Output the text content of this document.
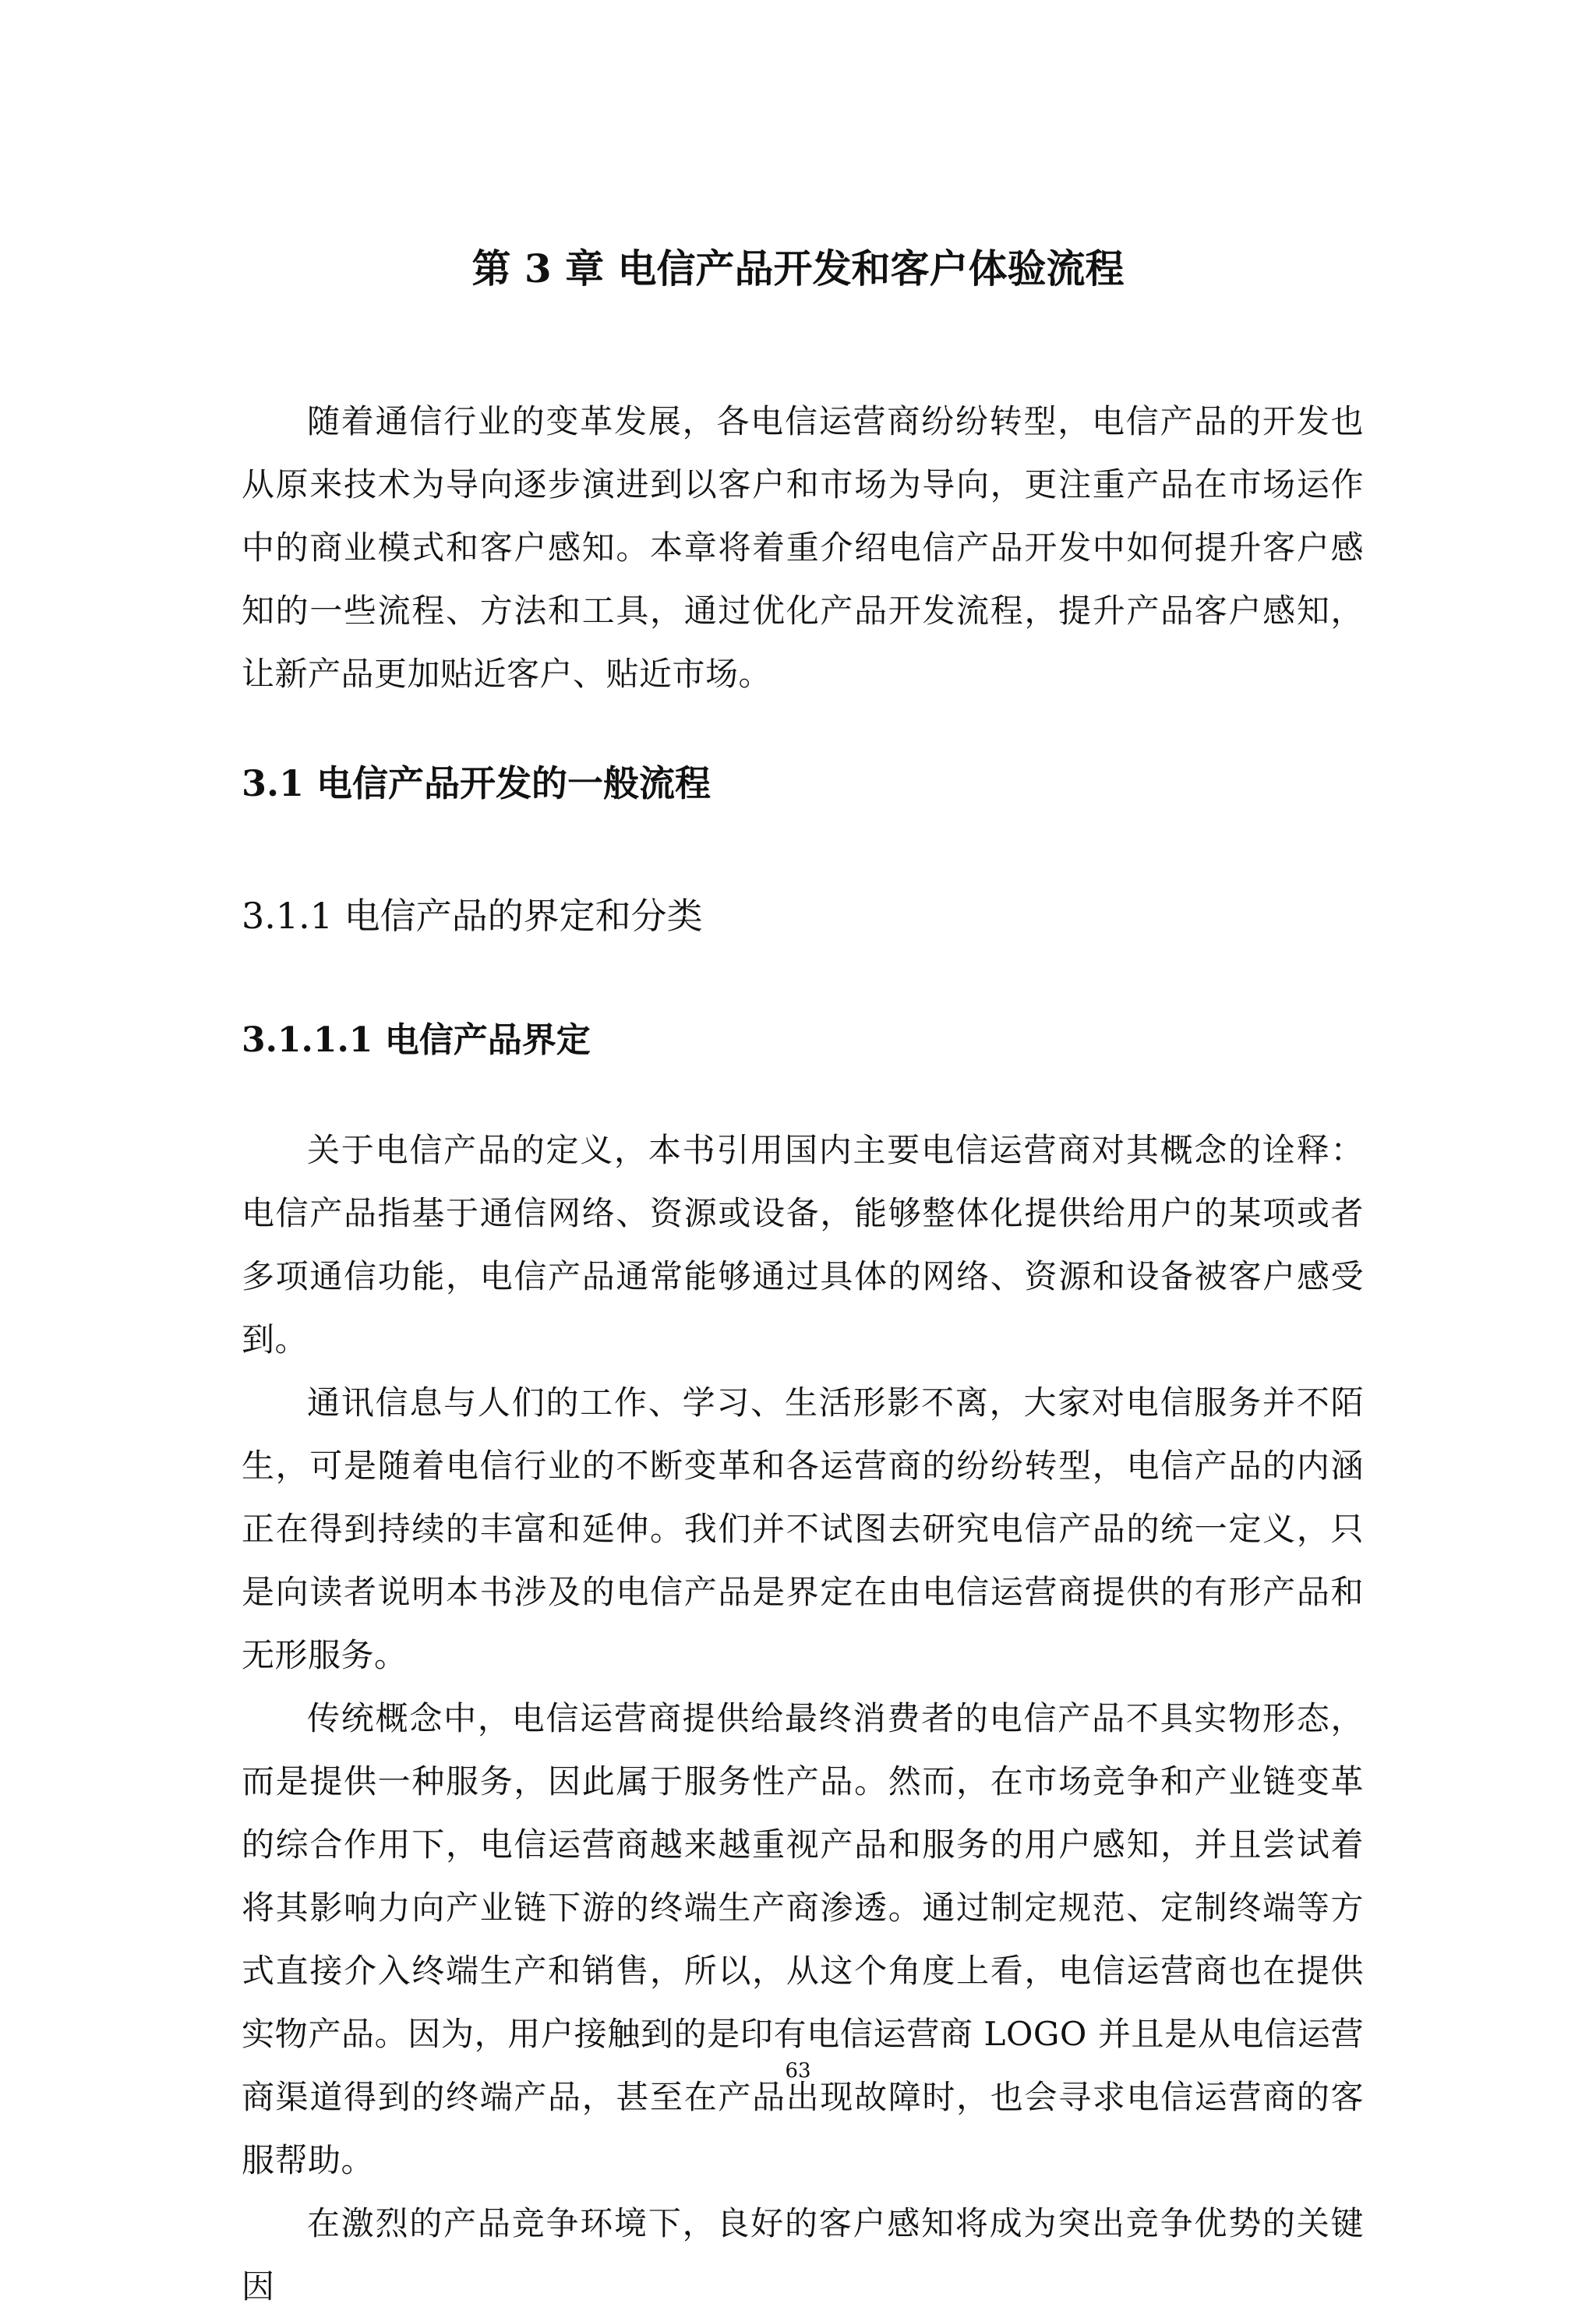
第 3 章 电信产品开发和客户体验流程

随着通信行业的变革发展，各电信运营商纷纷转型，电信产品的开发也从原来技术为导向逐步演进到以客户和市场为导向，更注重产品在市场运作中的商业模式和客户感知。本章将着重介绍电信产品开发中如何提升客户感知的一些流程、方法和工具，通过优化产品开发流程，提升产品客户感知，让新产品更加贴近客户、贴近市场。

3.1 电信产品开发的一般流程
3.1.1 电信产品的界定和分类
3.1.1.1 电信产品界定

关于电信产品的定义，本书引用国内主要电信运营商对其概念的诠释：电信产品指基于通信网络、资源或设备，能够整体化提供给用户的某项或者多项通信功能，电信产品通常能够通过具体的网络、资源和设备被客户感受到。

通讯信息与人们的工作、学习、生活形影不离，大家对电信服务并不陌生，可是随着电信行业的不断变革和各运营商的纷纷转型，电信产品的内涵正在得到持续的丰富和延伸。我们并不试图去研究电信产品的统一定义，只是向读者说明本书涉及的电信产品是界定在由电信运营商提供的有形产品和无形服务。

传统概念中，电信运营商提供给最终消费者的电信产品不具实物形态，而是提供一种服务，因此属于服务性产品。然而，在市场竞争和产业链变革的综合作用下，电信运营商越来越重视产品和服务的用户感知，并且尝试着将其影响力向产业链下游的终端生产商渗透。通过制定规范、定制终端等方式直接介入终端生产和销售，所以，从这个角度上看，电信运营商也在提供实物产品。因为，用户接触到的是印有电信运营商 LOGO 并且是从电信运营商渠道得到的终端产品，甚至在产品出现故障时，也会寻求电信运营商的客服帮助。

在激烈的产品竞争环境下，良好的客户感知将成为突出竞争优势的关键因

63
